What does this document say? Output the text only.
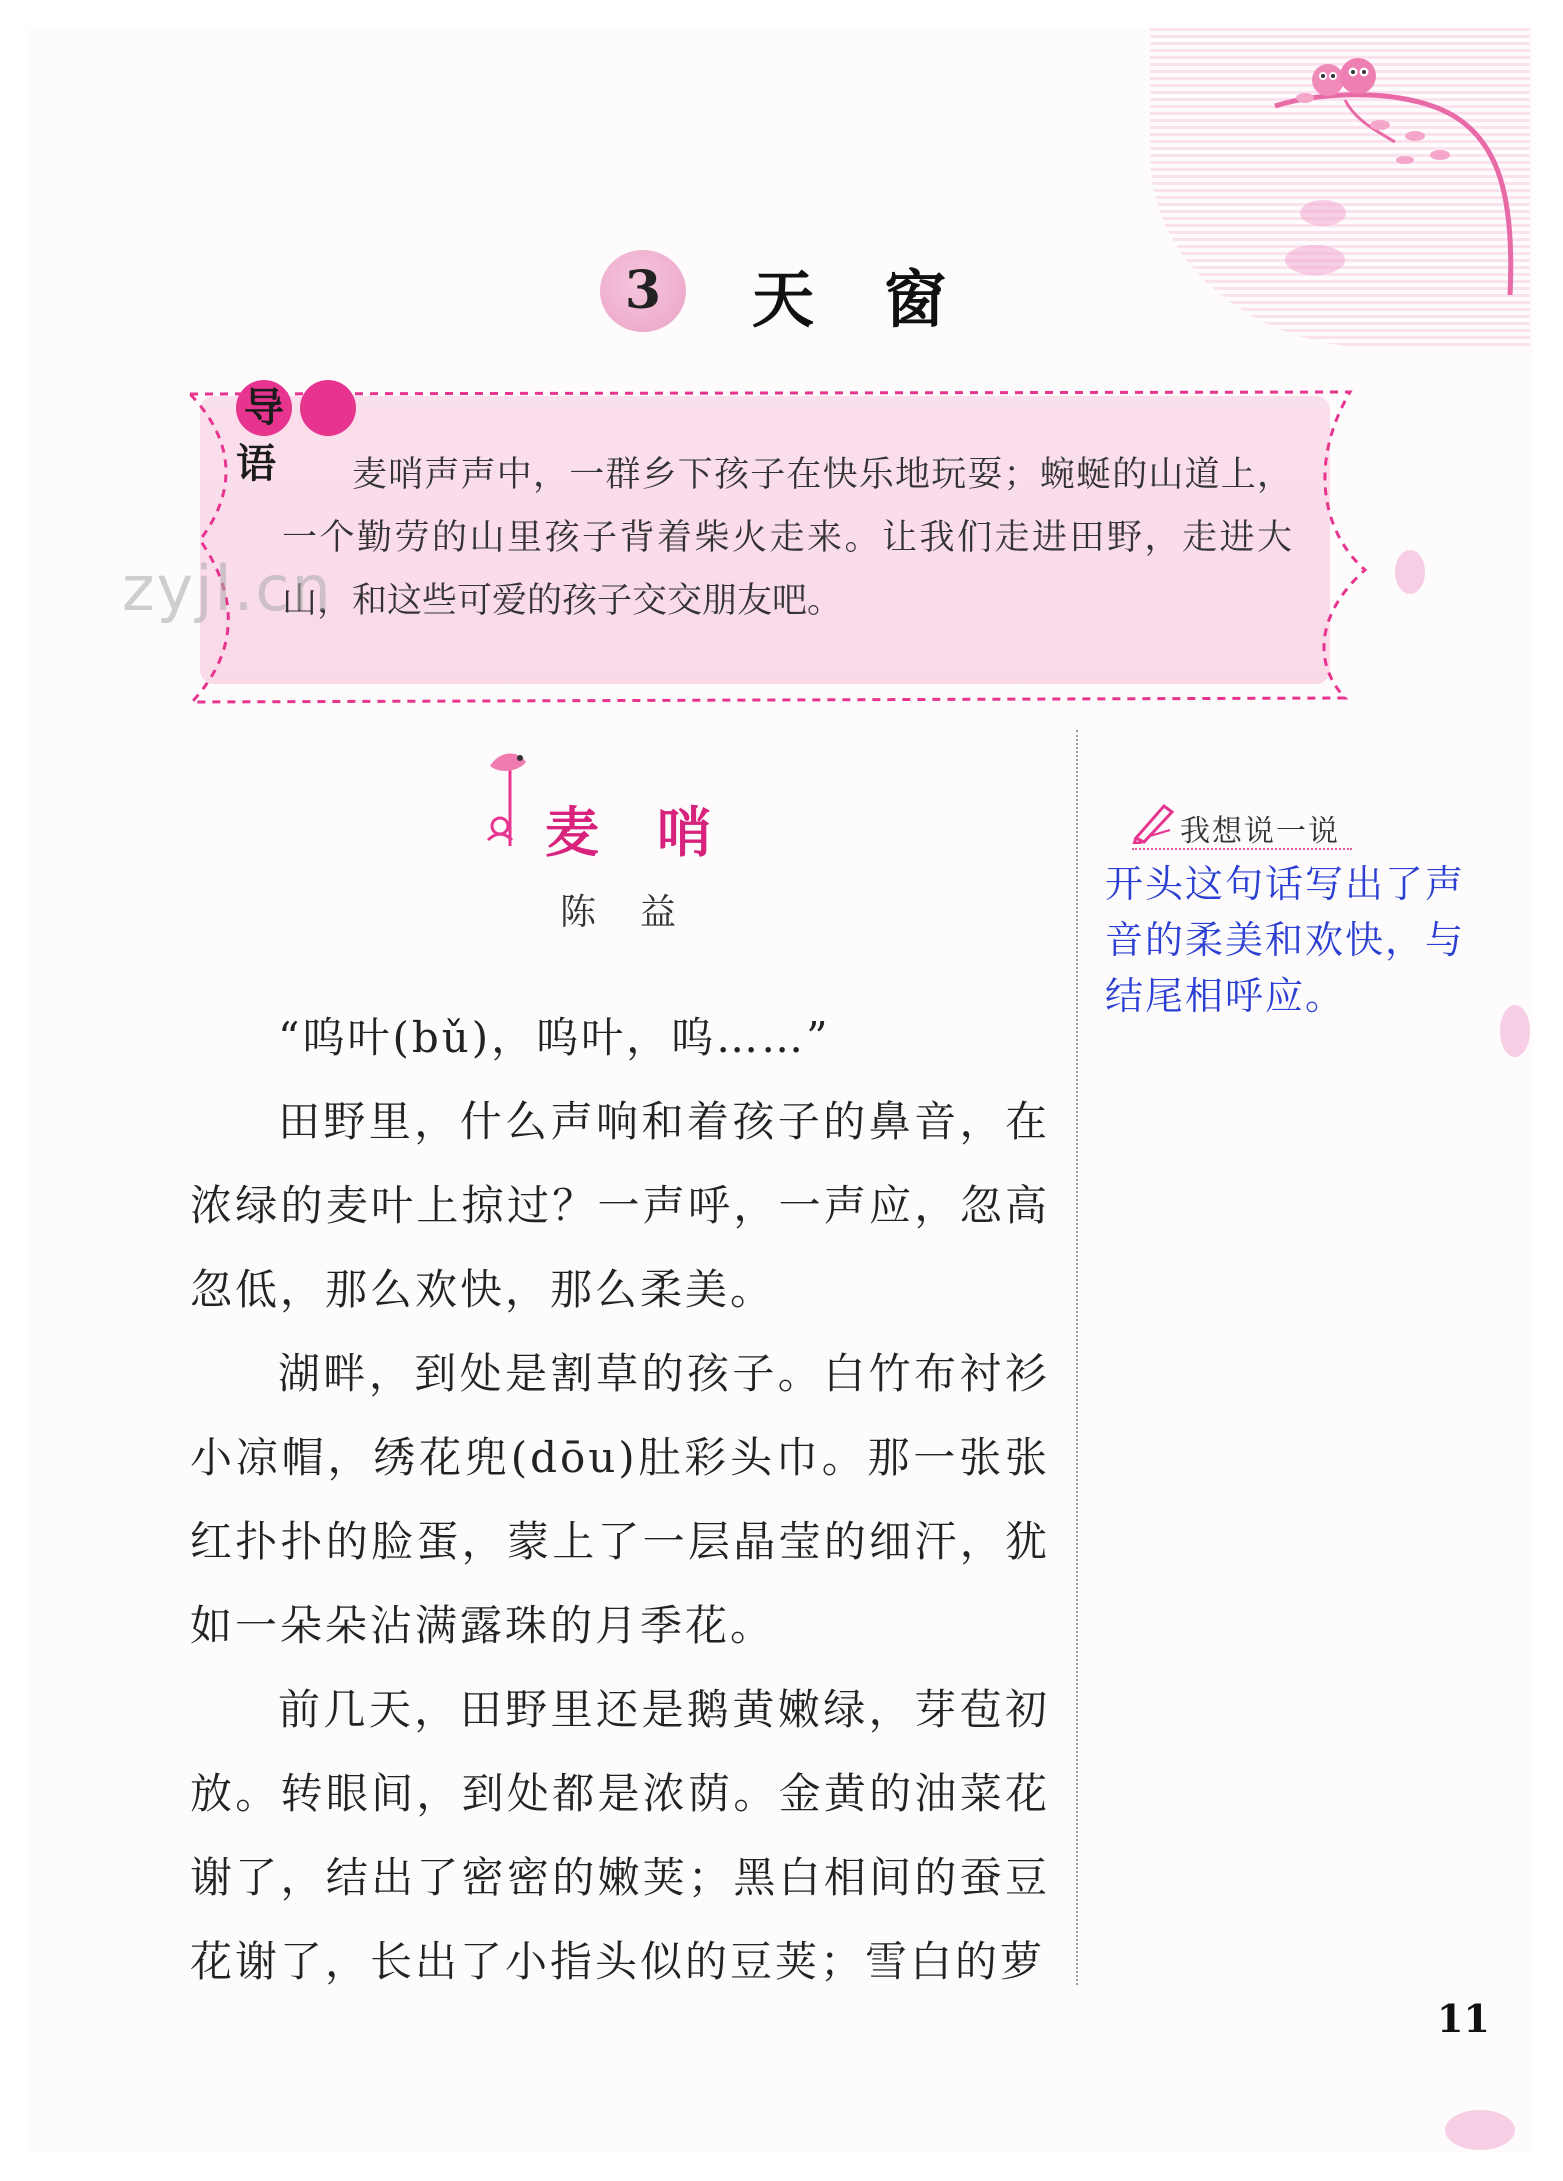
3	天窗
导语	麦哨声声中，一群乡下孩子在快乐地玩耍；蜿蜒的山道上，一个勤劳的山里孩子背着柴火走来。让我们走进田野，走进大山，和这些可爱的孩子交交朋友吧。
zyjl.cn
麦哨
陈益

“呜叶(bǔ)，呜叶，呜……”

田野里，什么声响和着孩子的鼻音，在浓绿的麦叶上掠过？一声呼，一声应，忽高忽低，那么欢快，那么柔美。

湖畔，到处是割草的孩子。白竹布衬衫小凉帽，绣花兜(dōu)肚彩头巾。那一张张红扑扑的脸蛋，蒙上了一层晶莹的细汗，犹如一朵朵沾满露珠的月季花。

前几天，田野里还是鹅黄嫩绿，芽苞初放。转眼间，到处都是浓荫。金黄的油菜花谢了，结出了密密的嫩荚；黑白相间的蚕豆花谢了，长出了小指头似的豆荚；雪白的萝

我想说一说
开头这句话写出了声音的柔美和欢快，与结尾相呼应。
11
